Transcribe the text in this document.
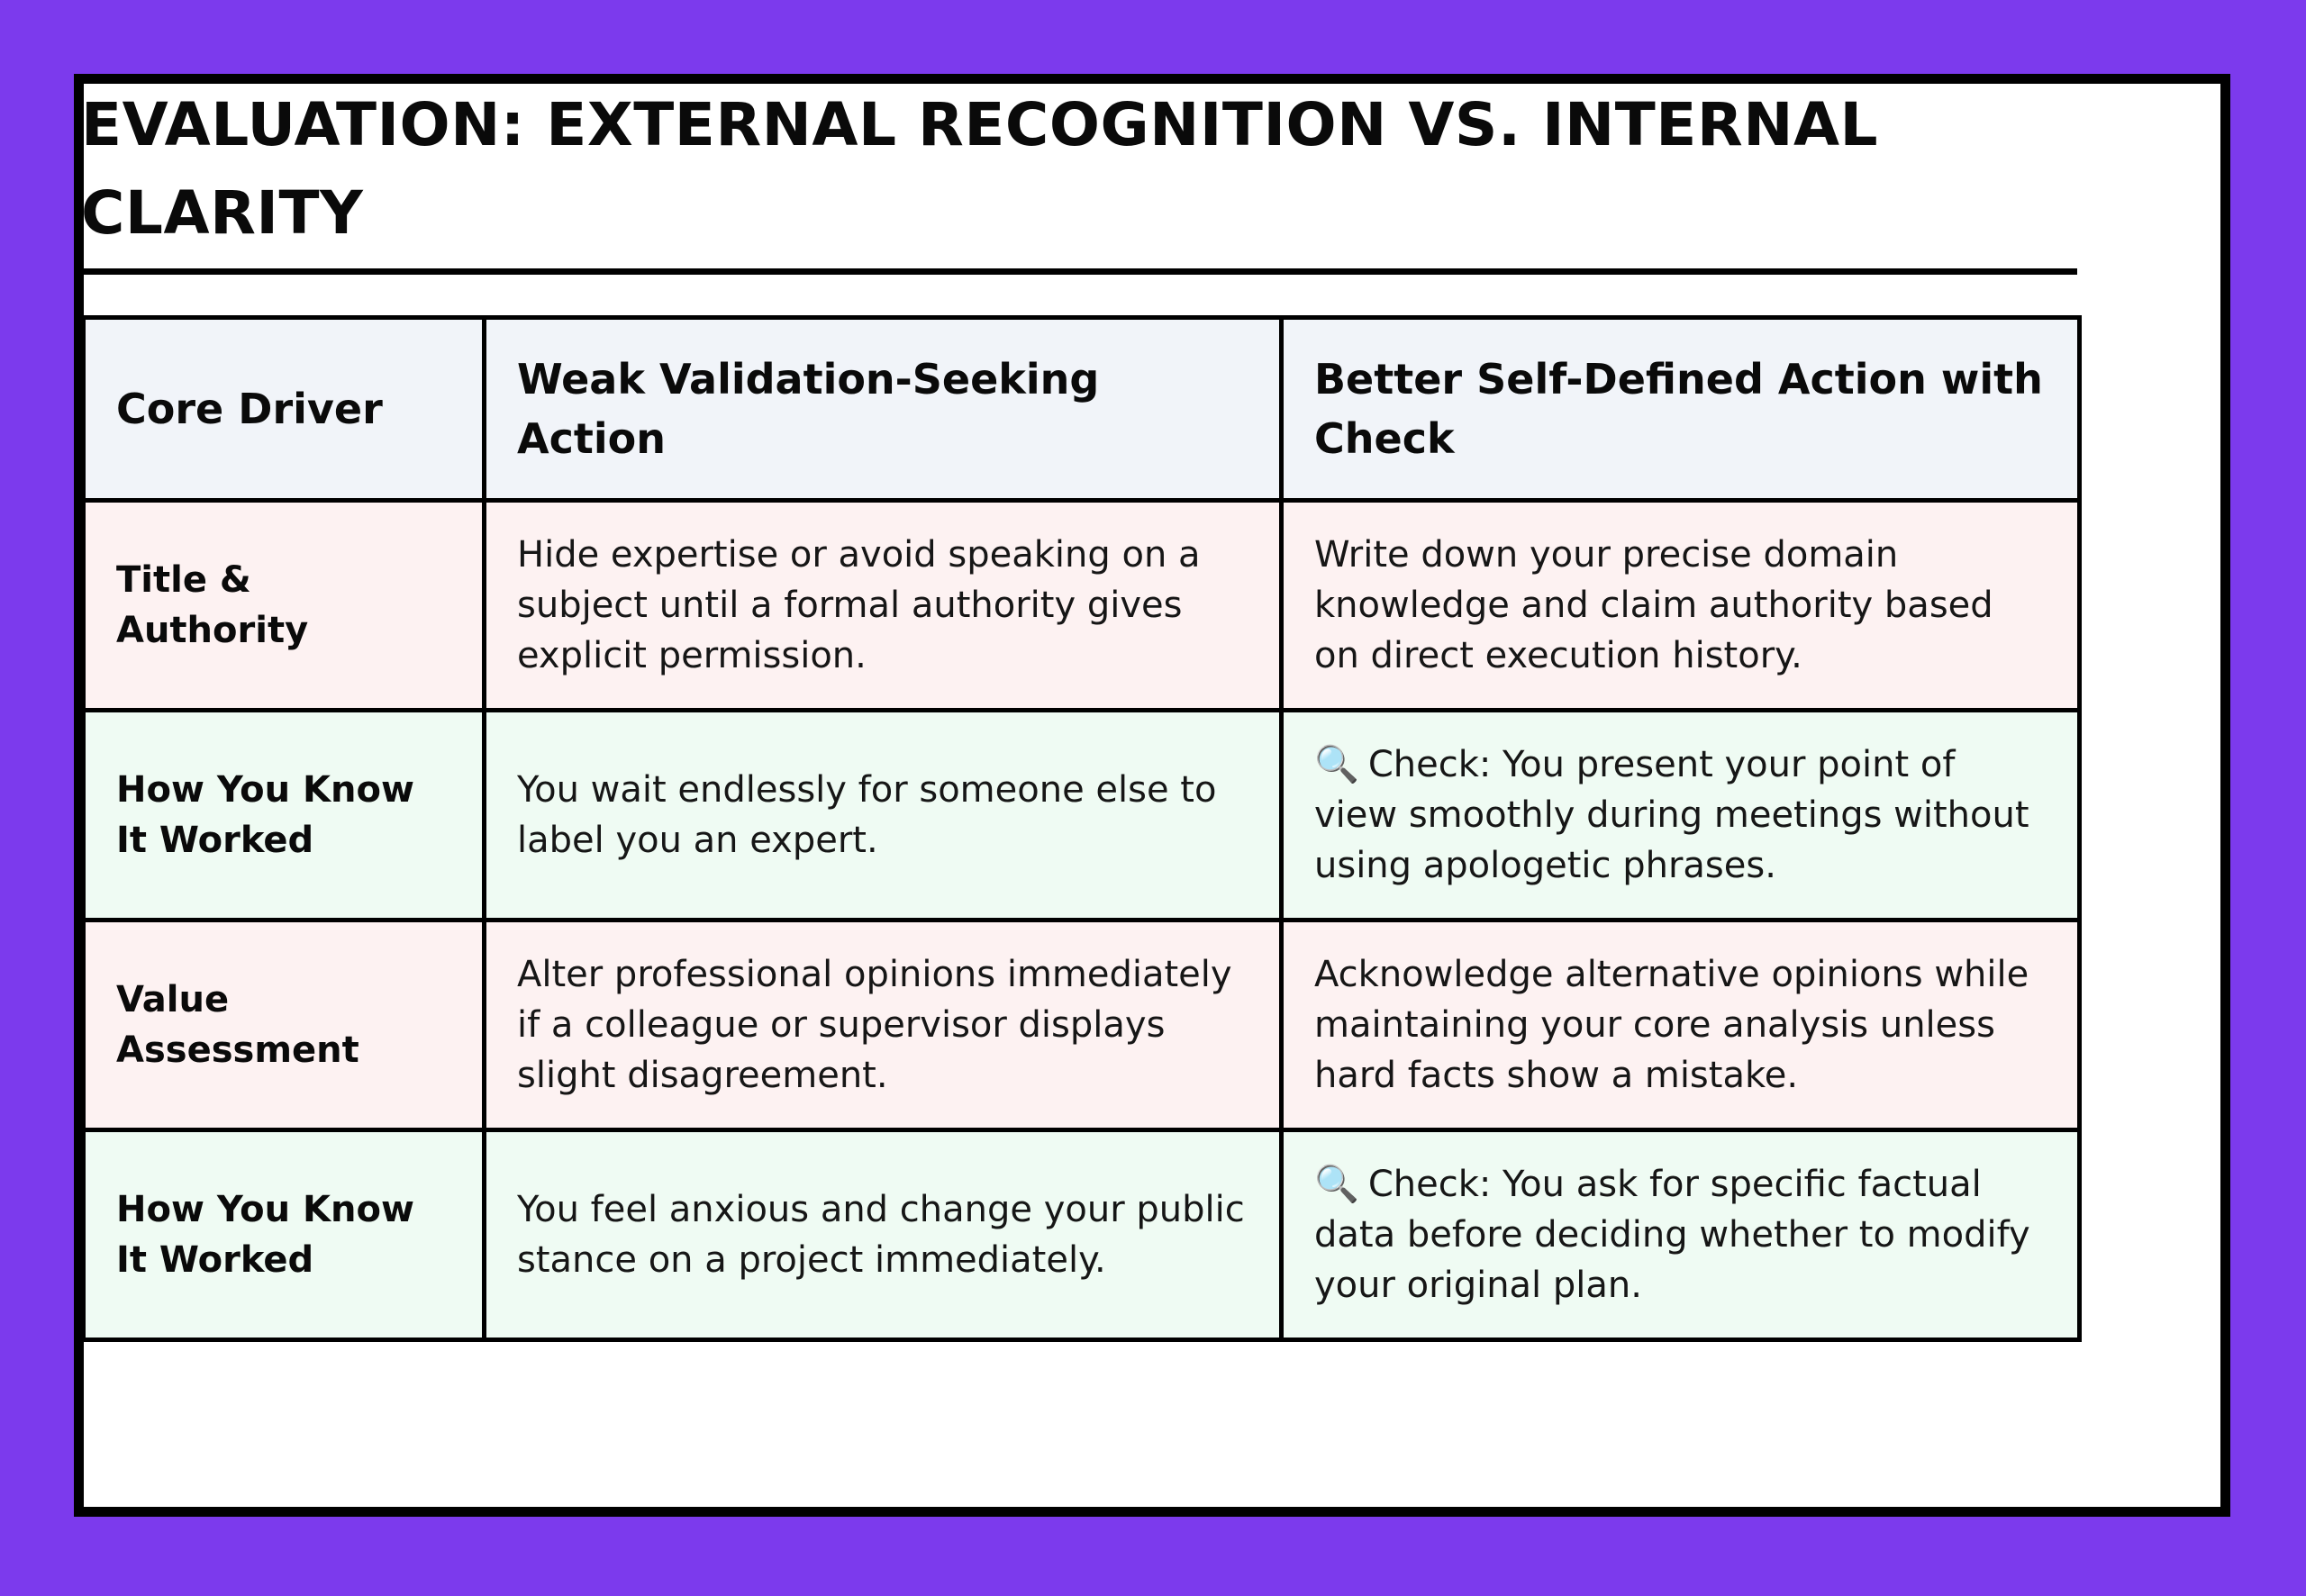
EVALUATION: EXTERNAL RECOGNITION VS. INTERNAL CLARITY
Core Driver	Weak Validation-Seeking Action	Better Self-Defined Action with Check
Title & Authority	Hide expertise or avoid speaking on a subject until a formal authority gives explicit permission.	Write down your precise domain knowledge and claim authority based on direct execution history.
How You Know It Worked	You wait endlessly for someone else to label you an expert.	🔍 Check: You present your point of view smoothly during meetings without using apologetic phrases.
Value Assessment	Alter professional opinions immediately if a colleague or supervisor displays slight disagreement.	Acknowledge alternative opinions while maintaining your core analysis unless hard facts show a mistake.
How You Know It Worked	You feel anxious and change your public stance on a project immediately.	🔍 Check: You ask for specific factual data before deciding whether to modify your original plan.
